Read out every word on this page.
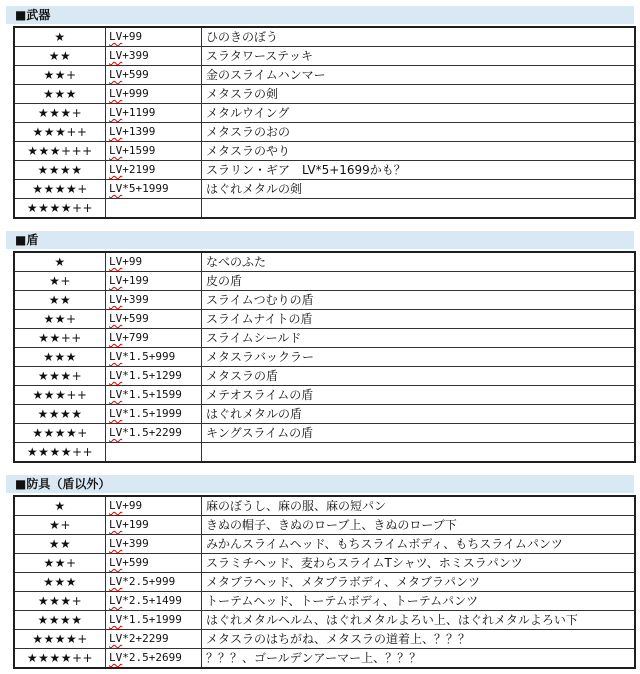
■武器
★	LV+99	ひのきのぼう
★★	LV+399	スラタワーステッキ
★★+	LV+599	金のスライムハンマー
★★★	LV+999	メタスラの剣
★★★+	LV+1199	メタルウイング
★★★++	LV+1399	メタスラのおの
★★★+++	LV+1599	メタスラのやり
★★★★	LV+2199	スラリン・ギア　LV*5+1699かも？
★★★★+	LV*5+1999	はぐれメタルの剣
★★★★++		
■盾
★	LV+99	なべのふた
★+	LV+199	皮の盾
★★	LV+399	スライムつむりの盾
★★+	LV+599	スライムナイトの盾
★★++	LV+799	スライムシールド
★★★	LV*1.5+999	メタスラバックラー
★★★+	LV*1.5+1299	メタスラの盾
★★★++	LV*1.5+1599	メテオスライムの盾
★★★★	LV*1.5+1999	はぐれメタルの盾
★★★★+	LV*1.5+2299	キングスライムの盾
★★★★++		
■防具（盾以外）
★	LV+99	麻のぼうし、麻の服、麻の短パン
★+	LV+199	きぬの帽子、きぬのローブ上、きぬのローブ下
★★	LV+399	みかんスライムヘッド、もちスライムボディ、もちスライムパンツ
★★+	LV+599	スラミチヘッド、麦わらスライムTシャツ、ホミスラパンツ
★★★	LV*2.5+999	メタブラヘッド、メタブラボディ、メタブラパンツ
★★★+	LV*2.5+1499	トーテムヘッド、トーテムボディ、トーテムパンツ
★★★★	LV*1.5+1999	はぐれメタルヘルム、はぐれメタルよろい上、はぐれメタルよろい下
★★★★+	LV*2+2299	メタスラのはちがね、メタスラの道着上、？？？
★★★★++	LV*2.5+2699	？？？、ゴールデンアーマー上、？？？
